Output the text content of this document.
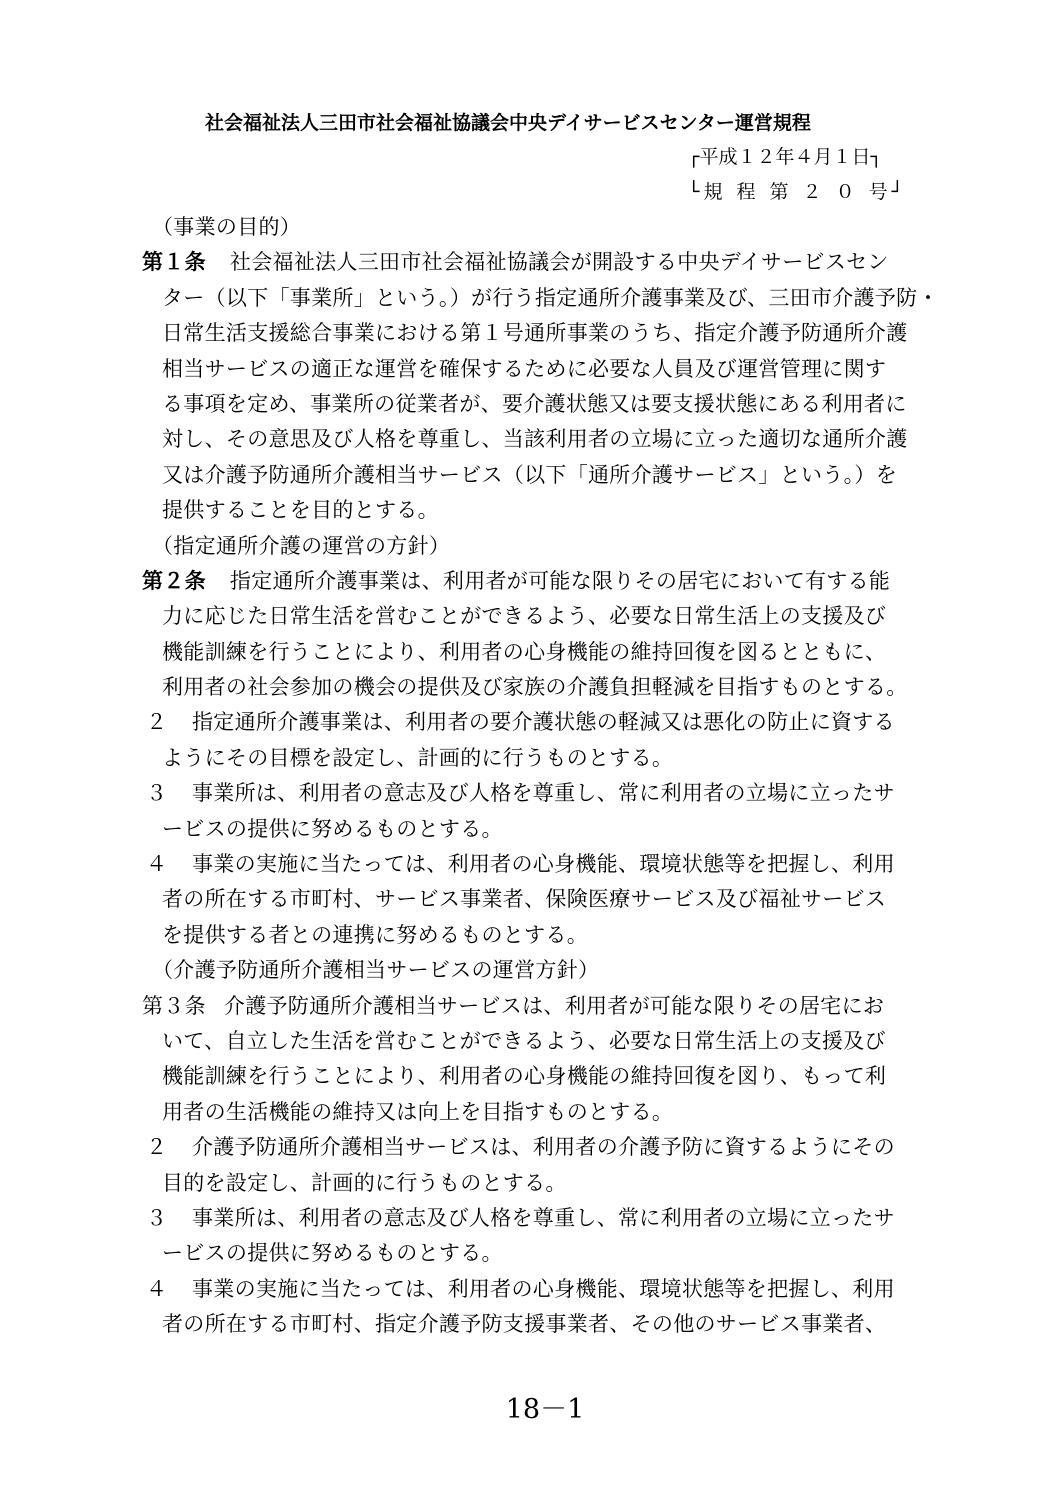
社会福祉法人三田市社会福祉協議会中央デイサービスセンター運営規程
┌平成１２年４月１日┐
└規 程 第 ２ ０ 号┘
（事業の目的）
第１条 社会福祉法人三田市社会福祉協議会が開設する中央デイサービスセン
ター（以下「事業所」という。）が行う指定通所介護事業及び、三田市介護予防・
日常生活支援総合事業における第１号通所事業のうち、指定介護予防通所介護
相当サービスの適正な運営を確保するために必要な人員及び運営管理に関す
る事項を定め、事業所の従業者が、要介護状態又は要支援状態にある利用者に
対し、その意思及び人格を尊重し、当該利用者の立場に立った適切な通所介護
又は介護予防通所介護相当サービス（以下「通所介護サービス」という。）を
提供することを目的とする。
（指定通所介護の運営の方針）
第２条 指定通所介護事業は、利用者が可能な限りその居宅において有する能
力に応じた日常生活を営むことができるよう、必要な日常生活上の支援及び
機能訓練を行うことにより、利用者の心身機能の維持回復を図るとともに、
利用者の社会参加の機会の提供及び家族の介護負担軽減を目指すものとする。
２ 指定通所介護事業は、利用者の要介護状態の軽減又は悪化の防止に資する
ようにその目標を設定し、計画的に行うものとする。
３ 事業所は、利用者の意志及び人格を尊重し、常に利用者の立場に立ったサ
ービスの提供に努めるものとする。
４ 事業の実施に当たっては、利用者の心身機能、環境状態等を把握し、利用
者の所在する市町村、サービス事業者、保険医療サービス及び福祉サービス
を提供する者との連携に努めるものとする。
（介護予防通所介護相当サービスの運営方針）
第３条 介護予防通所介護相当サービスは、利用者が可能な限りその居宅にお
いて、自立した生活を営むことができるよう、必要な日常生活上の支援及び
機能訓練を行うことにより、利用者の心身機能の維持回復を図り、もって利
用者の生活機能の維持又は向上を目指すものとする。
２ 介護予防通所介護相当サービスは、利用者の介護予防に資するようにその
目的を設定し、計画的に行うものとする。
３ 事業所は、利用者の意志及び人格を尊重し、常に利用者の立場に立ったサ
ービスの提供に努めるものとする。
４ 事業の実施に当たっては、利用者の心身機能、環境状態等を把握し、利用
者の所在する市町村、指定介護予防支援事業者、その他のサービス事業者、
18－1
